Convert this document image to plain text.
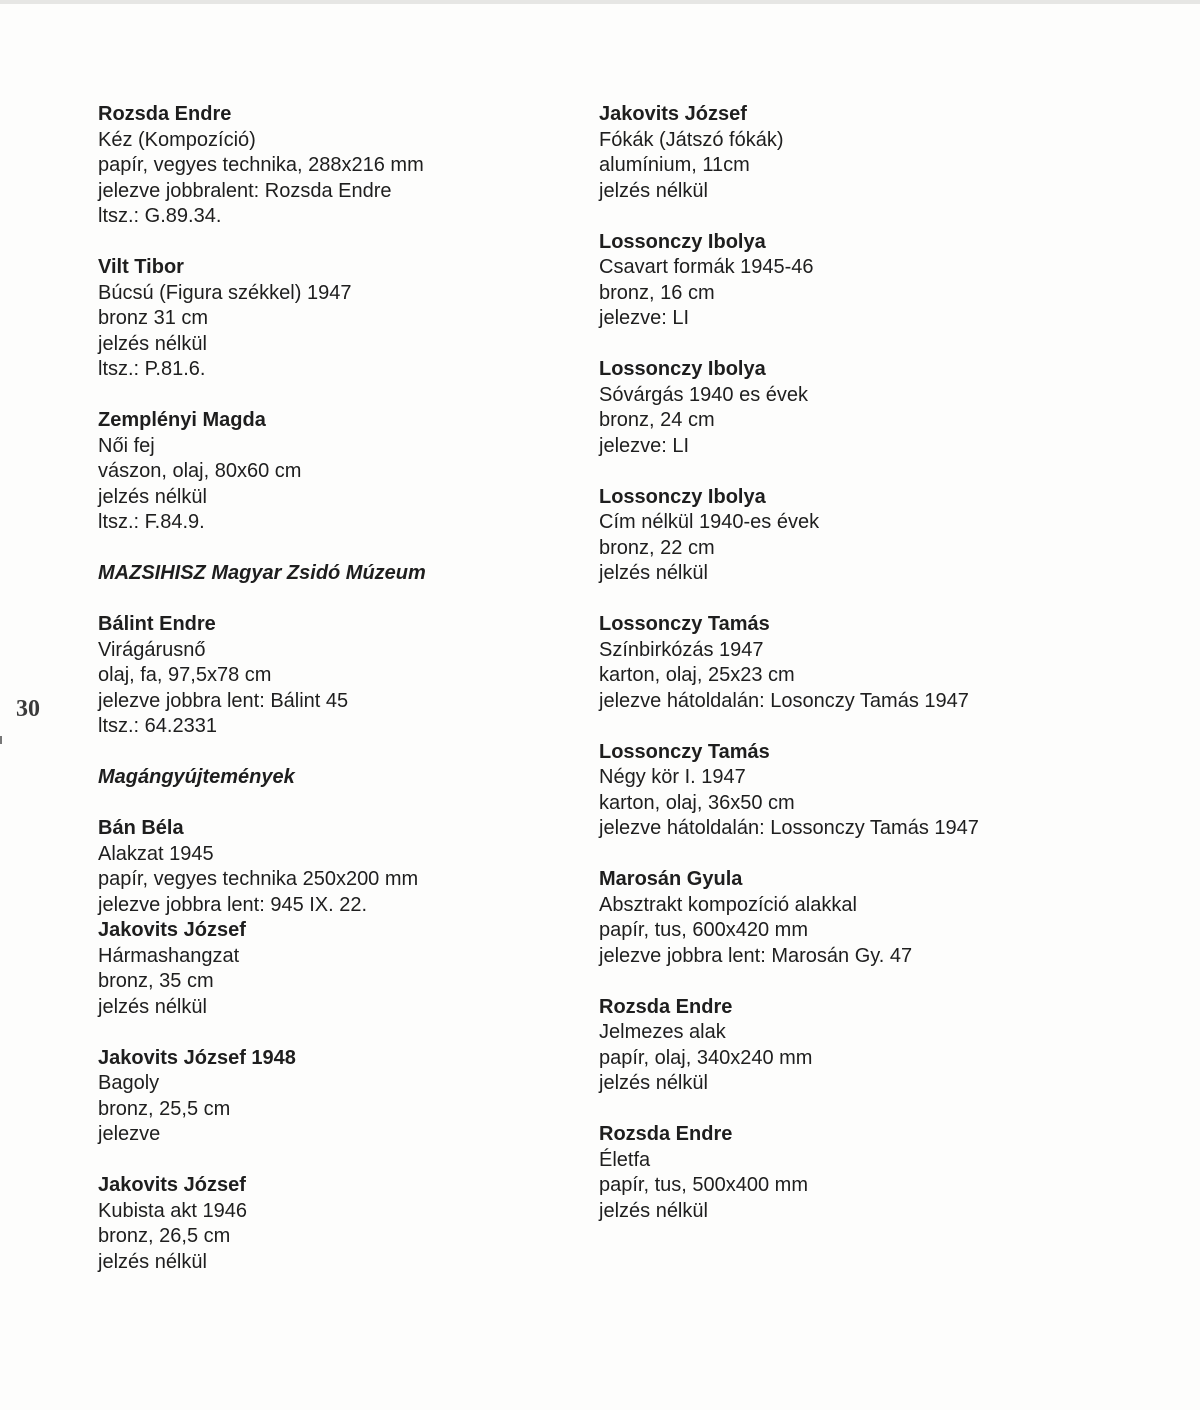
Rozsda Endre
Kéz (Kompozíció)
papír, vegyes technika, 288x216 mm
jelezve jobbralent: Rozsda Endre
ltsz.: G.89.34.
Vilt Tibor
Búcsú (Figura székkel) 1947
bronz 31 cm
jelzés nélkül
ltsz.: P.81.6.
Zemplényi Magda
Női fej
vászon, olaj, 80x60 cm
jelzés nélkül
ltsz.: F.84.9.
MAZSIHISZ Magyar Zsidó Múzeum
Bálint Endre
Virágárusnő
olaj, fa, 97,5x78 cm
jelezve jobbra lent: Bálint 45
ltsz.: 64.2331
Magángyújtemények
Bán Béla
Alakzat 1945
papír, vegyes technika 250x200 mm
jelezve jobbra lent: 945 IX. 22.
Jakovits József
Hármashangzat
bronz, 35 cm
jelzés nélkül
Jakovits József 1948
Bagoly
bronz, 25,5 cm
jelezve
Jakovits József
Kubista akt 1946
bronz, 26,5 cm
jelzés nélkül
Jakovits József
Fókák (Játszó fókák)
alumínium, 11cm
jelzés nélkül
Lossonczy Ibolya
Csavart formák 1945-46
bronz, 16 cm
jelezve: LI
Lossonczy Ibolya
Sóvárgás 1940 es évek
bronz, 24 cm
jelezve: LI
Lossonczy Ibolya
Cím nélkül 1940-es évek
bronz, 22 cm
jelzés nélkül
Lossonczy Tamás
Színbirkózás 1947
karton, olaj, 25x23 cm
jelezve hátoldalán: Losonczy Tamás 1947
Lossonczy Tamás
Négy kör I. 1947
karton, olaj, 36x50 cm
jelezve hátoldalán: Lossonczy Tamás 1947
Marosán Gyula
Absztrakt kompozíció alakkal
papír, tus, 600x420 mm
jelezve jobbra lent: Marosán Gy. 47
Rozsda Endre
Jelmezes alak
papír, olaj, 340x240 mm
jelzés nélkül
Rozsda Endre
Életfa
papír, tus, 500x400 mm
jelzés nélkül
30
